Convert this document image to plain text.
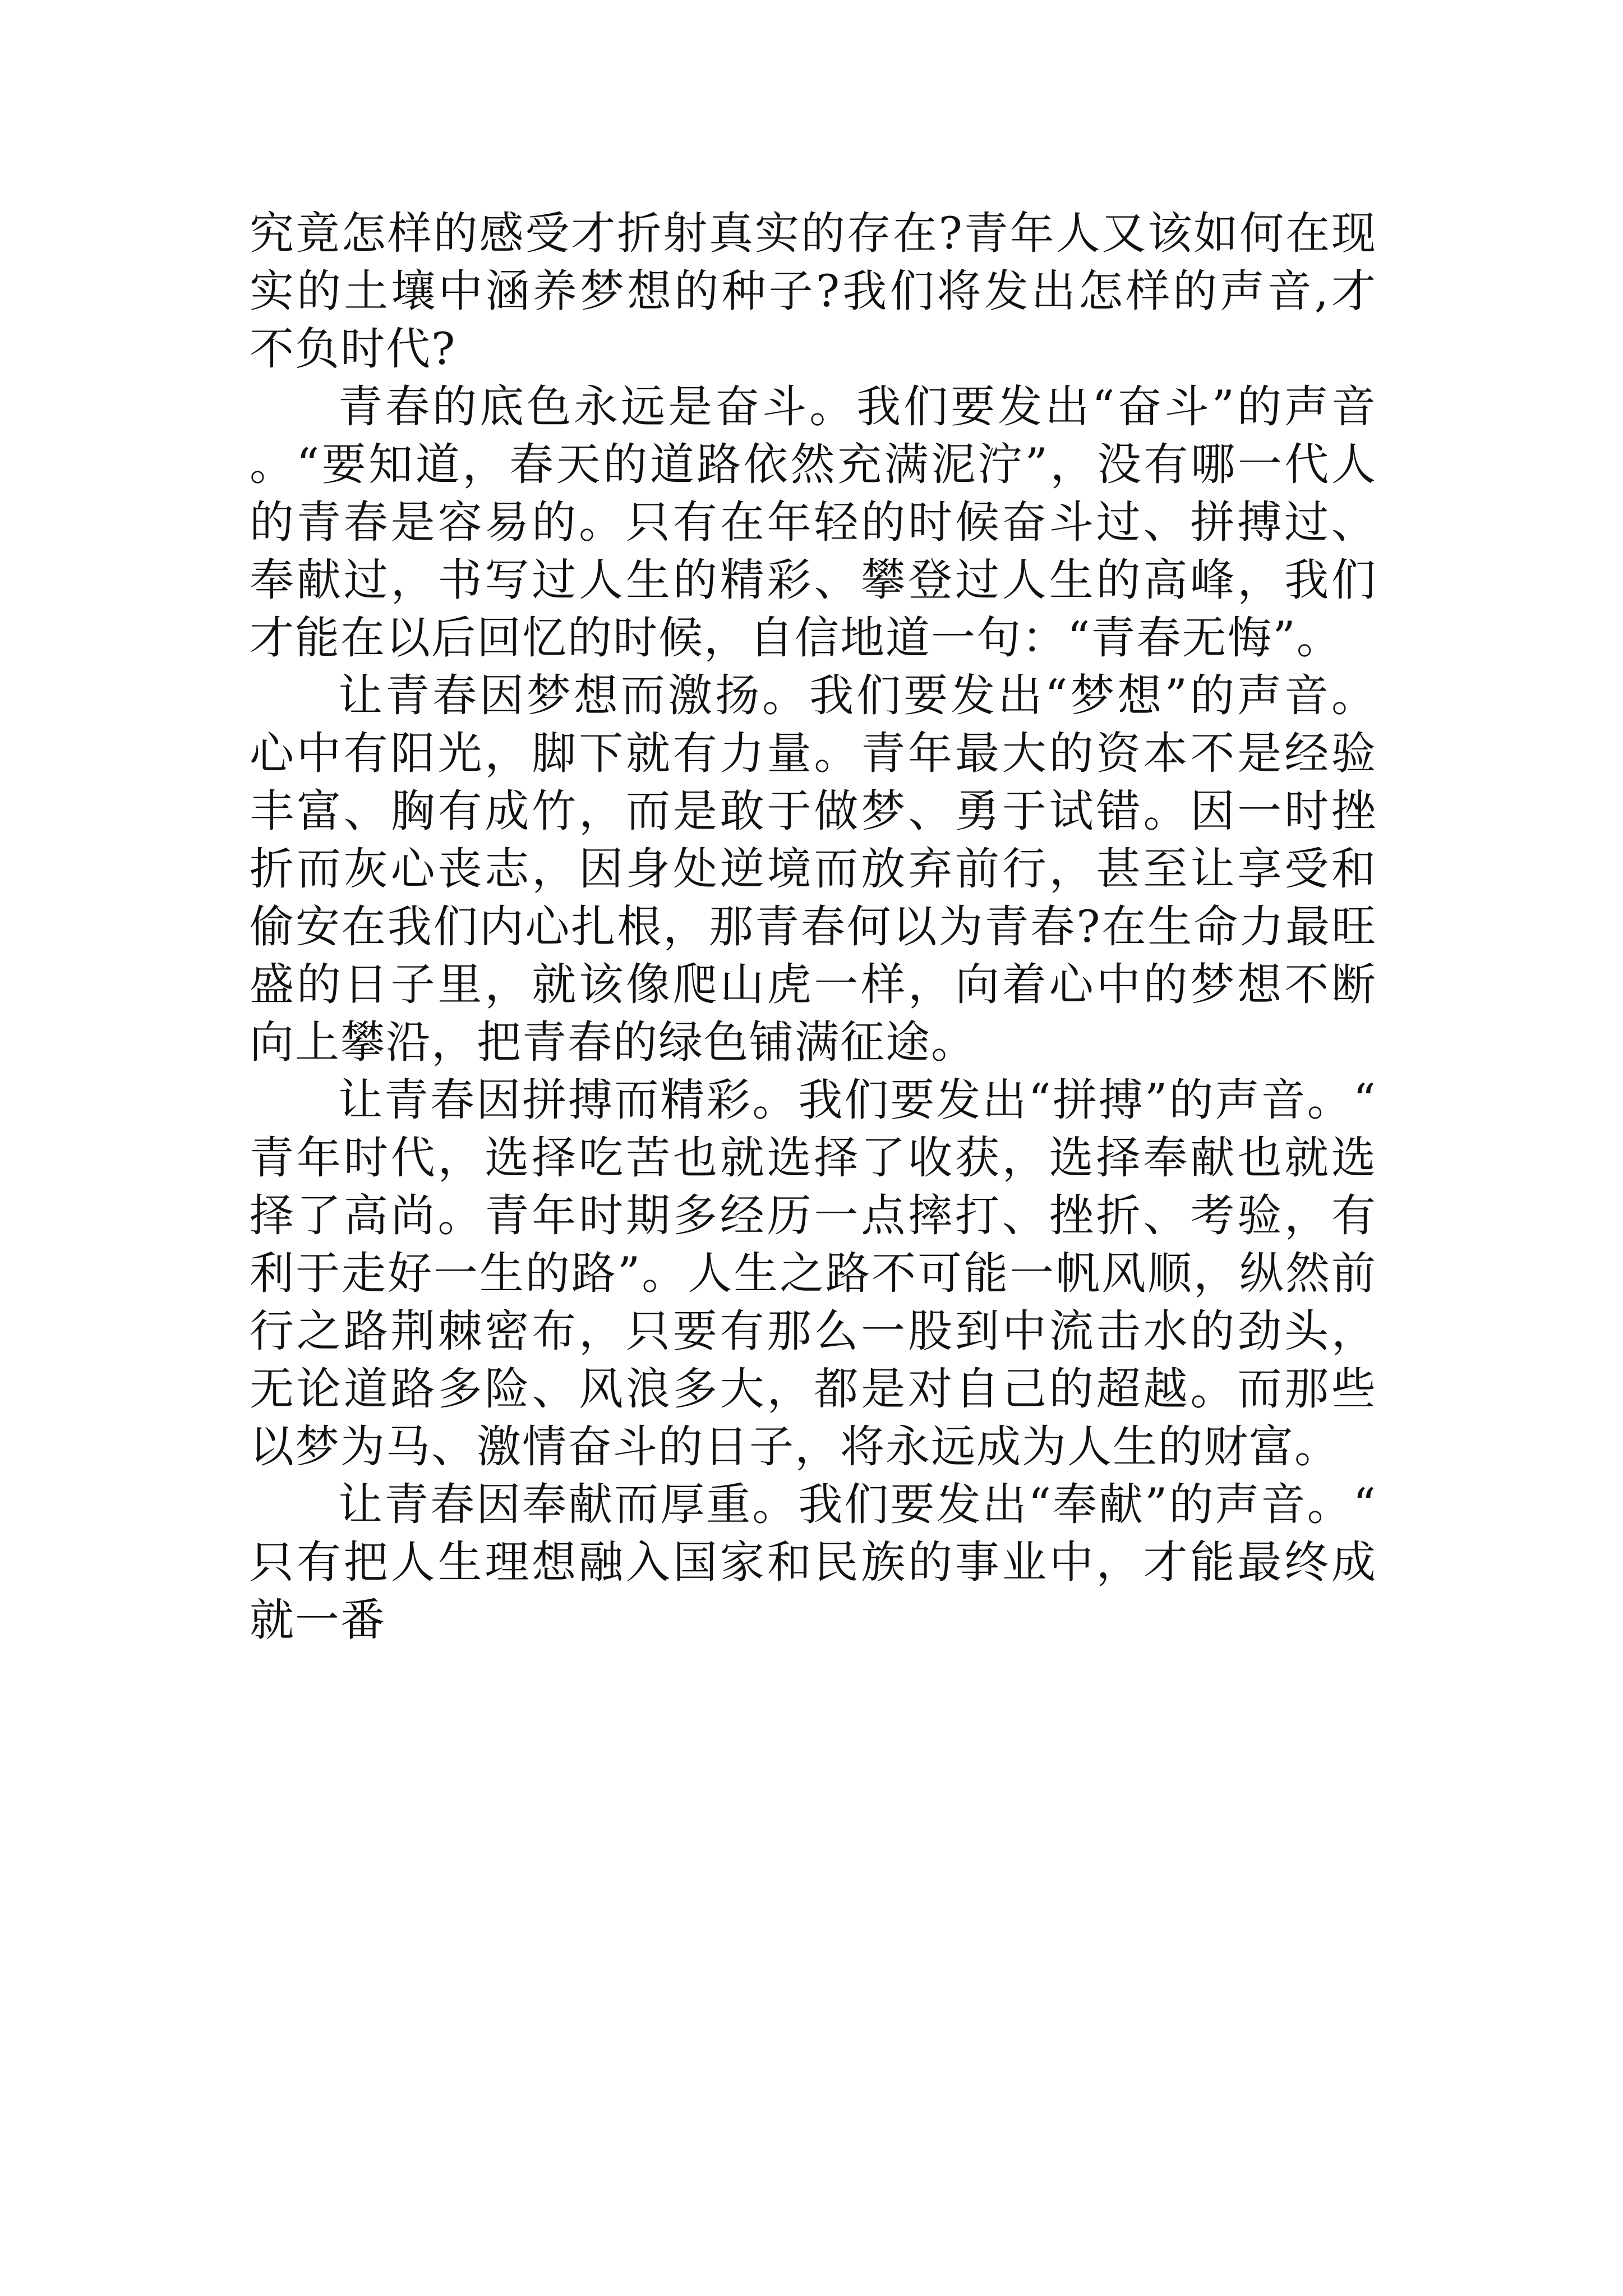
究竟怎样的感受才折射真实的存在?青年人又该如何在现实的土壤中涵养梦想的种子?我们将发出怎样的声音,才不负时代?

青春的底色永远是奋斗。我们要发出“奋斗”的声音。“要知道，春天的道路依然充满泥泞”，没有哪一代人的青春是容易的。只有在年轻的时候奋斗过、拼搏过、奉献过，书写过人生的精彩、攀登过人生的高峰，我们才能在以后回忆的时候，自信地道一句：“青春无悔”。

让青春因梦想而激扬。我们要发出“梦想”的声音。心中有阳光，脚下就有力量。青年最大的资本不是经验丰富、胸有成竹，而是敢于做梦、勇于试错。因一时挫折而灰心丧志，因身处逆境而放弃前行，甚至让享受和偷安在我们内心扎根，那青春何以为青春?在生命力最旺盛的日子里，就该像爬山虎一样，向着心中的梦想不断向上攀沿，把青春的绿色铺满征途。

让青春因拼搏而精彩。我们要发出“拼搏”的声音。“青年时代，选择吃苦也就选择了收获，选择奉献也就选择了高尚。青年时期多经历一点摔打、挫折、考验，有利于走好一生的路”。人生之路不可能一帆风顺，纵然前行之路荆棘密布，只要有那么一股到中流击水的劲头，无论道路多险、风浪多大，都是对自己的超越。而那些以梦为马、激情奋斗的日子，将永远成为人生的财富。

让青春因奉献而厚重。我们要发出“奉献”的声音。“只有把人生理想融入国家和民族的事业中，才能最终成就一番
